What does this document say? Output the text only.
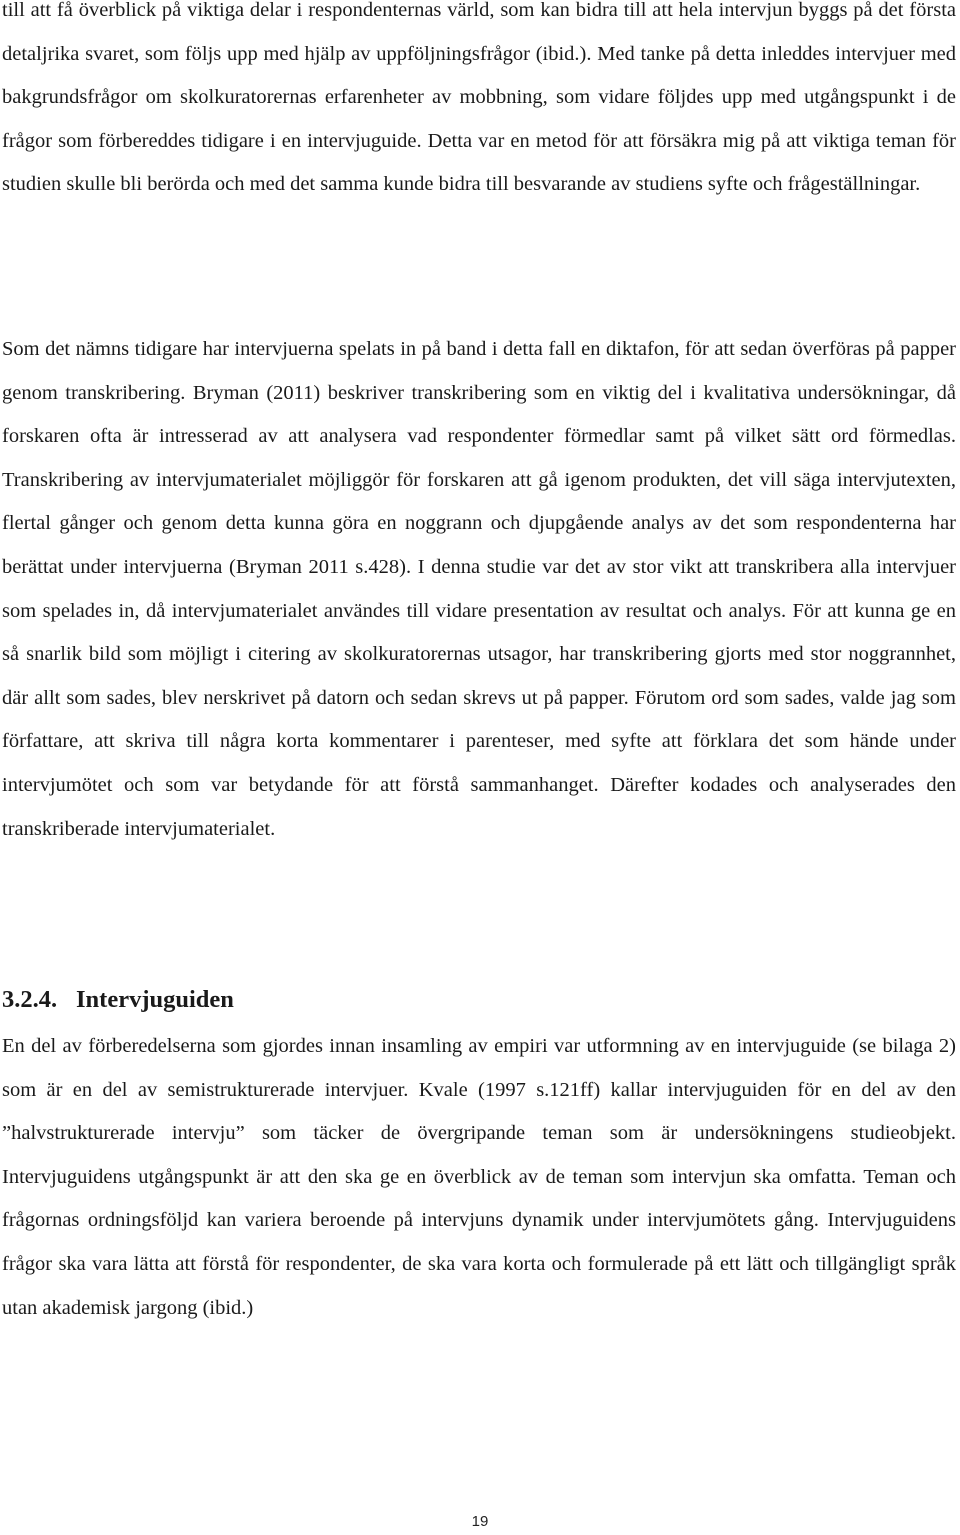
till att få överblick på viktiga delar i respondenternas värld, som kan bidra till att hela intervjun byggs på det första detaljrika svaret, som följs upp med hjälp av uppföljningsfrågor (ibid.). Med tanke på detta inleddes intervjuer med bakgrundsfrågor om skolkuratorernas erfarenheter av mobbning, som vidare följdes upp med utgångspunkt i de frågor som förbereddes tidigare i en intervjuguide. Detta var en metod för att försäkra mig på att viktiga teman för studien skulle bli berörda och med det samma kunde bidra till besvarande av studiens syfte och frågeställningar.

Som det nämns tidigare har intervjuerna spelats in på band i detta fall en diktafon, för att sedan överföras på papper genom transkribering. Bryman (2011) beskriver transkribering som en viktig del i kvalitativa undersökningar, då forskaren ofta är intresserad av att analysera vad respondenter förmedlar samt på vilket sätt ord förmedlas. Transkribering av intervjumaterialet möjliggör för forskaren att gå igenom produkten, det vill säga intervjutexten, flertal gånger och genom detta kunna göra en noggrann och djupgående analys av det som respondenterna har berättat under intervjuerna (Bryman 2011 s.428). I denna studie var det av stor vikt att transkribera alla intervjuer som spelades in, då intervjumaterialet användes till vidare presentation av resultat och analys. För att kunna ge en så snarlik bild som möjligt i citering av skolkuratorernas utsagor, har transkribering gjorts med stor noggrannhet, där allt som sades, blev nerskrivet på datorn och sedan skrevs ut på papper. Förutom ord som sades, valde jag som författare, att skriva till några korta kommentarer i parenteser, med syfte att förklara det som hände under intervjumötet och som var betydande för att förstå sammanhanget. Därefter kodades och analyserades den transkriberade intervjumaterialet.

3.2.4. Intervjuguiden

En del av förberedelserna som gjordes innan insamling av empiri var utformning av en intervjuguide (se bilaga 2) som är en del av semistrukturerade intervjuer. Kvale (1997 s.121ff) kallar intervjuguiden för en del av den ”halvstrukturerade intervju” som täcker de övergripande teman som är undersökningens studieobjekt. Intervjuguidens utgångspunkt är att den ska ge en överblick av de teman som intervjun ska omfatta. Teman och frågornas ordningsföljd kan variera beroende på intervjuns dynamik under intervjumötets gång. Intervjuguidens frågor ska vara lätta att förstå för respondenter, de ska vara korta och formulerade på ett lätt och tillgängligt språk utan akademisk jargong (ibid.)

19
